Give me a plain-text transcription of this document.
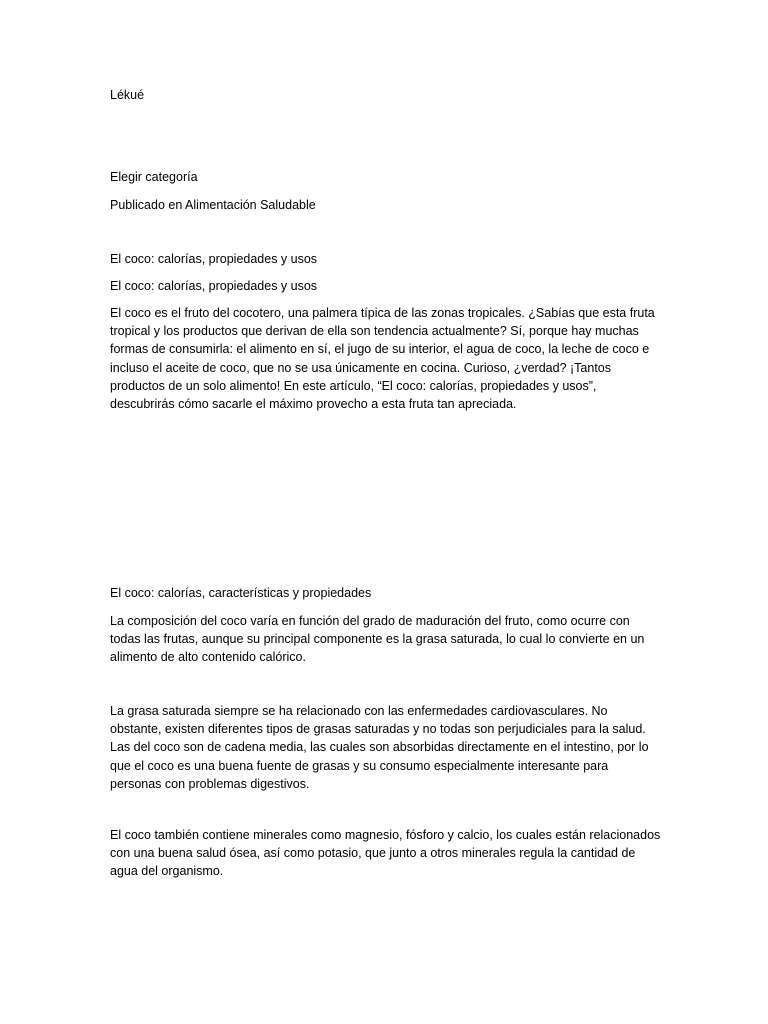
Lékué

Elegir categoría

Publicado en Alimentación Saludable

El coco: calorías, propiedades y usos

El coco: calorías, propiedades y usos

El coco es el fruto del cocotero, una palmera típica de las zonas tropicales. ¿Sabías que esta fruta tropical y los productos que derivan de ella son tendencia actualmente? Sí, porque hay muchas formas de consumirla: el alimento en sí, el jugo de su interior, el agua de coco, la leche de coco e incluso el aceite de coco, que no se usa únicamente en cocina. Curioso, ¿verdad? ¡Tantos productos de un solo alimento! En este artículo, “El coco: calorías, propiedades y usos”, descubrirás cómo sacarle el máximo provecho a esta fruta tan apreciada.

El coco: calorías, características y propiedades

La composición del coco varía en función del grado de maduración del fruto, como ocurre con todas las frutas, aunque su principal componente es la grasa saturada, lo cual lo convierte en un alimento de alto contenido calórico.

La grasa saturada siempre se ha relacionado con las enfermedades cardiovasculares. No obstante, existen diferentes tipos de grasas saturadas y no todas son perjudiciales para la salud. Las del coco son de cadena media, las cuales son absorbidas directamente en el intestino, por lo que el coco es una buena fuente de grasas y su consumo especialmente interesante para personas con problemas digestivos.

El coco también contiene minerales como magnesio, fósforo y calcio, los cuales están relacionados con una buena salud ósea, así como potasio, que junto a otros minerales regula la cantidad de agua del organismo.
